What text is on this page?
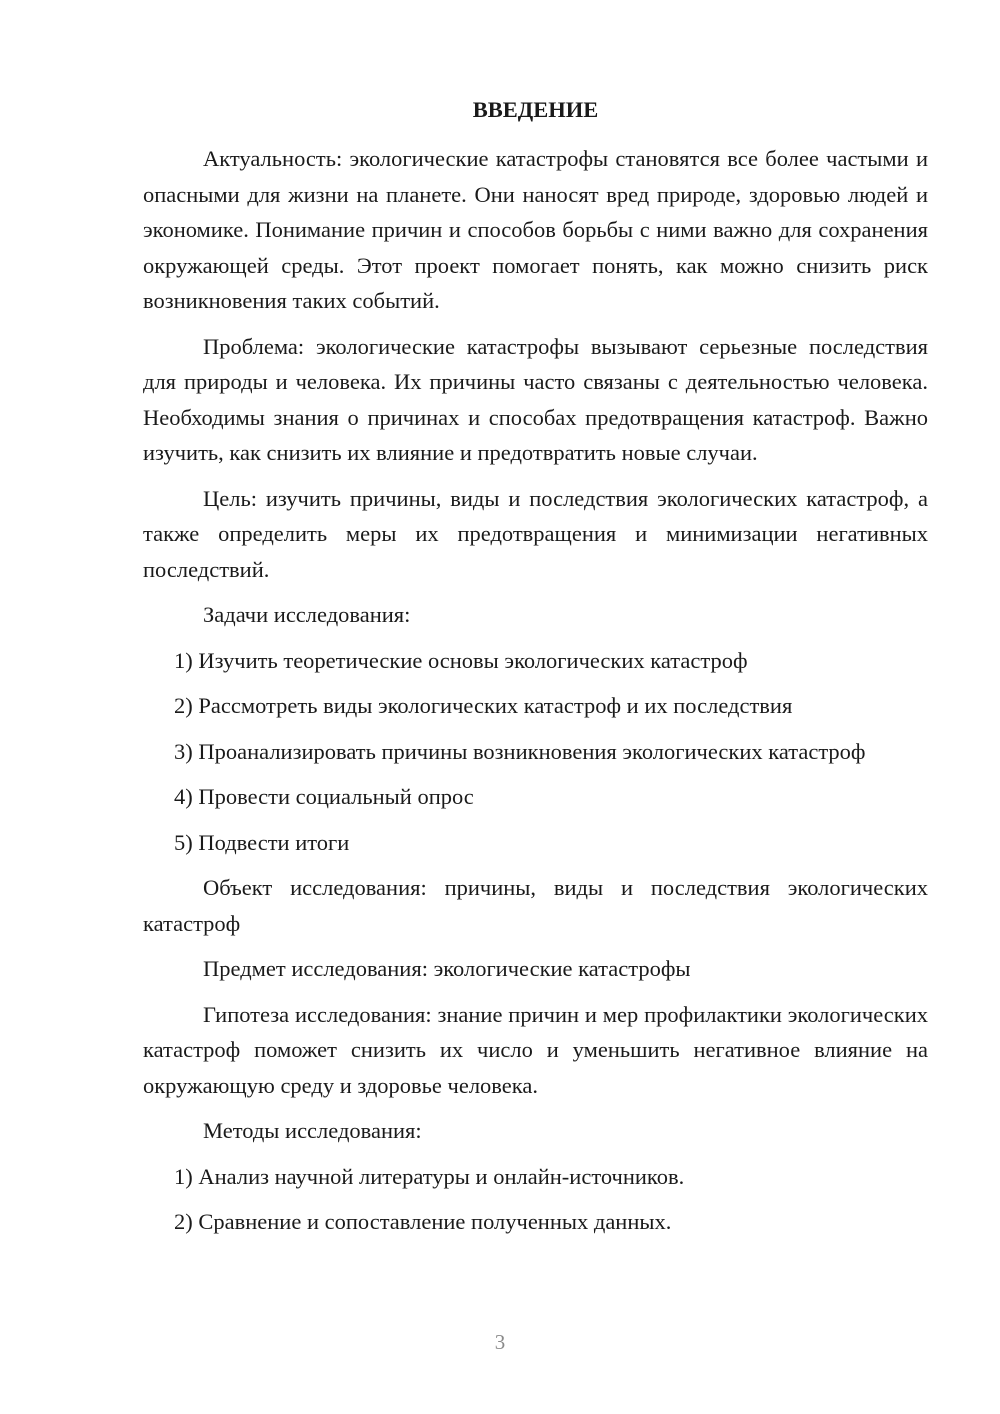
ВВЕДЕНИЕ

Актуальность: экологические катастрофы становятся все более частыми и опасными для жизни на планете. Они наносят вред природе, здоровью людей и экономике. Понимание причин и способов борьбы с ними важно для сохранения окружающей среды. Этот проект помогает понять, как можно снизить риск возникновения таких событий.

Проблема: экологические катастрофы вызывают серьезные последствия для природы и человека. Их причины часто связаны с деятельностью человека. Необходимы знания о причинах и способах предотвращения катастроф. Важно изучить, как снизить их влияние и предотвратить новые случаи.

Цель: изучить причины, виды и последствия экологических катастроф, а также определить меры их предотвращения и минимизации негативных последствий.

Задачи исследования:

1) Изучить теоретические основы экологических катастроф

2) Рассмотреть виды экологических катастроф и их последствия

3) Проанализировать причины возникновения экологических катастроф

4) Провести социальный опрос

5) Подвести итоги

Объект исследования: причины, виды и последствия экологических катастроф

Предмет исследования: экологические катастрофы

Гипотеза исследования: знание причин и мер профилактики экологических катастроф поможет снизить их число и уменьшить негативное влияние на окружающую среду и здоровье человека.

Методы исследования:

1) Анализ научной литературы и онлайн-источников.

2) Сравнение и сопоставление полученных данных.

3
